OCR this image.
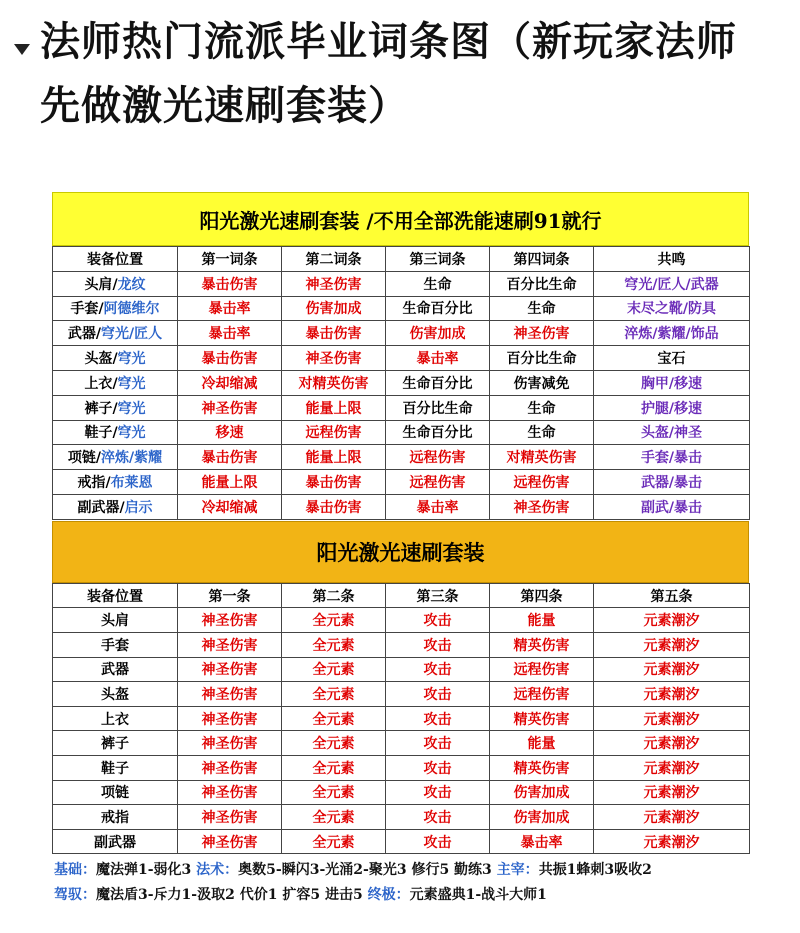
法师热门流派毕业词条图（新玩家法师先做激光速刷套装）
阳光激光速刷套装 /不用全部洗能速刷91就行
装备位置	第一词条	第二词条	第三词条	第四词条	共鸣
头肩/龙纹	暴击伤害	神圣伤害	生命	百分比生命	穹光/匠人/武器
手套/阿德维尔	暴击率	伤害加成	生命百分比	生命	末尽之靴/防具
武器/穹光/匠人	暴击率	暴击伤害	伤害加成	神圣伤害	淬炼/紫耀/饰品
头盔/穹光	暴击伤害	神圣伤害	暴击率	百分比生命	宝石
上衣/穹光	冷却缩减	对精英伤害	生命百分比	伤害减免	胸甲/移速
裤子/穹光	神圣伤害	能量上限	百分比生命	生命	护腿/移速
鞋子/穹光	移速	远程伤害	生命百分比	生命	头盔/神圣
项链/淬炼/紫耀	暴击伤害	能量上限	远程伤害	对精英伤害	手套/暴击
戒指/布莱恩	能量上限	暴击伤害	远程伤害	远程伤害	武器/暴击
副武器/启示	冷却缩减	暴击伤害	暴击率	神圣伤害	副武/暴击
阳光激光速刷套装
装备位置	第一条	第二条	第三条	第四条	第五条
头肩	神圣伤害	全元素	攻击	能量	元素潮汐
手套	神圣伤害	全元素	攻击	精英伤害	元素潮汐
武器	神圣伤害	全元素	攻击	远程伤害	元素潮汐
头盔	神圣伤害	全元素	攻击	远程伤害	元素潮汐
上衣	神圣伤害	全元素	攻击	精英伤害	元素潮汐
裤子	神圣伤害	全元素	攻击	能量	元素潮汐
鞋子	神圣伤害	全元素	攻击	精英伤害	元素潮汐
项链	神圣伤害	全元素	攻击	伤害加成	元素潮汐
戒指	神圣伤害	全元素	攻击	伤害加成	元素潮汐
副武器	神圣伤害	全元素	攻击	暴击率	元素潮汐
基础：魔法弹1-弱化3 法术：奥数5-瞬闪3-光涌2-聚光3 修行5 勤练3 主宰：共振1蜂刺3吸收2
驾驭：魔法盾3-斥力1-汲取2 代价1 扩容5 进击5 终极：元素盛典1-战斗大师1
